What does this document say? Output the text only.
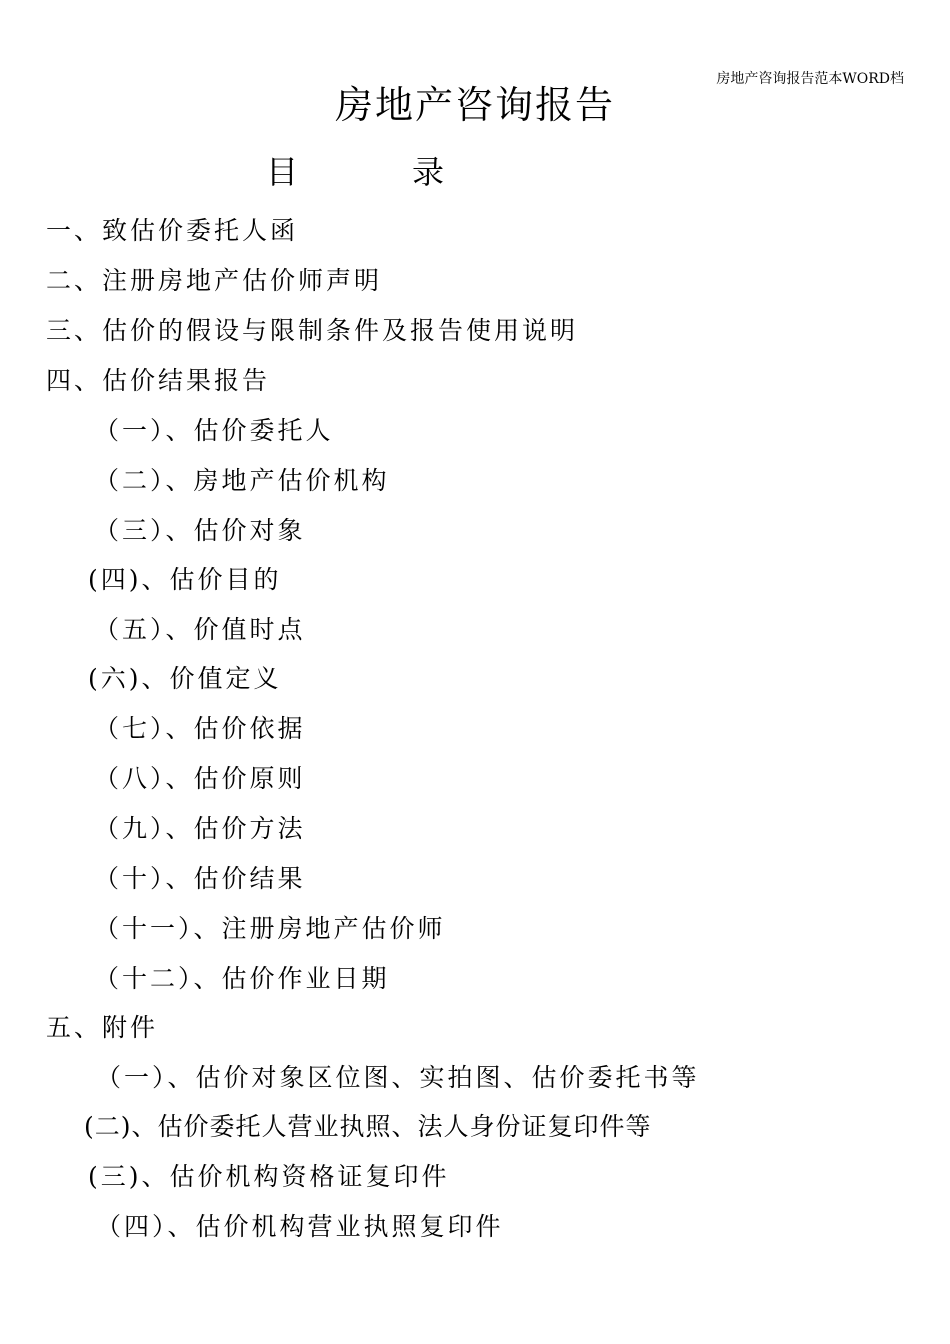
房地产咨询报告范本WORD档
房地产咨询报告
目	录
一、致估价委托人函
二、注册房地产估价师声明
三、估价的假设与限制条件及报告使用说明
四、估价结果报告
（一）、估价委托人
（二）、房地产估价机构
（三）、估价对象
(四)、估价目的
（五）、价值时点
(六)、价值定义
（七）、估价依据
（八）、估价原则
（九）、估价方法
（十）、估价结果
（十一）、注册房地产估价师
（十二）、估价作业日期
五、附件
（一）、估价对象区位图、实拍图、估价委托书等
(二)、估价委托人营业执照、法人身份证复印件等
(三)、估价机构资格证复印件
（四）、估价机构营业执照复印件
